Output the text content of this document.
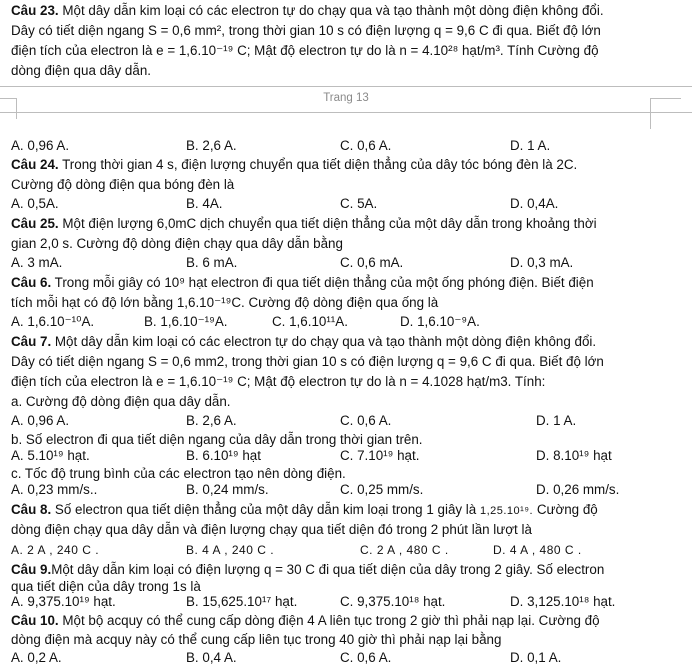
Câu 23. Một dây dẫn kim loại có các electron tự do chạy qua và tạo thành một dòng điện không đổi.
Dây có tiết diện ngang S = 0,6 mm², trong thời gian 10 s có điện lượng q = 9,6 C đi qua. Biết độ lớn
điện tích của electron là e = 1,6.10⁻¹⁹ C; Mật độ electron tự do là n = 4.10²⁸ hạt/m³. Tính Cường độ
dòng điện qua dây dẫn.
Trang 13
A. 0,96 A.	B. 2,6 A.	C. 0,6 A.	D. 1 A.
Câu 24. Trong thời gian 4 s, điện lượng chuyển qua tiết diện thẳng của dây tóc bóng đèn là 2C.
Cường độ dòng điện qua bóng đèn là
A. 0,5A.	B. 4A.	C. 5A.	D. 0,4A.
Câu 25. Một điện lượng 6,0mC dịch chuyển qua tiết diện thẳng của một dây dẫn trong khoảng thời
gian 2,0 s. Cường độ dòng điện chạy qua dây dẫn bằng
A. 3 mA.	B. 6 mA.	C. 0,6 mA.	D. 0,3 mA.
Câu 6. Trong mỗi giây có 10⁹ hạt electron đi qua tiết diện thẳng của một ống phóng điện. Biết điện
tích mỗi hạt có độ lớn bằng 1,6.10⁻¹⁹C. Cường độ dòng điện qua ống là
A. 1,6.10⁻¹⁰A.	B. 1,6.10⁻¹⁹A.	C. 1,6.10¹¹A.	D. 1,6.10⁻⁹A.
Câu 7. Một dây dẫn kim loại có các electron tự do chạy qua và tạo thành một dòng điện không đổi.
Dây có tiết diện ngang S = 0,6 mm2, trong thời gian 10 s có điện lượng q = 9,6 C đi qua. Biết độ lớn
điện tích của electron là e = 1,6.10⁻¹⁹ C; Mật độ electron tự do là n = 4.1028 hạt/m3. Tính:
a. Cường độ dòng điện qua dây dẫn.
A. 0,96 A.	B. 2,6 A.	C. 0,6 A.	D. 1 A.
b. Số electron đi qua tiết diện ngang của dây dẫn trong thời gian trên.
A. 5.10¹⁹ hạt.	B. 6.10¹⁹ hạt	C. 7.10¹⁹ hạt.	D. 8.10¹⁹ hạt
c. Tốc độ trung bình của các electron tạo nên dòng điện.
A. 0,23 mm/s..	B. 0,24 mm/s.	C. 0,25 mm/s.	D. 0,26 mm/s.
Câu 8. Số electron qua tiết diện thẳng của một dây dẫn kim loại trong 1 giây là 1,25.10¹⁹. Cường độ
dòng điện chạy qua dây dẫn và điện lượng chạy qua tiết diện đó trong 2 phút lần lượt là
A. 2 A , 240 C .	B. 4 A , 240 C .	C. 2 A , 480 C .	D. 4 A , 480 C .
Câu 9.Một dây dẫn kim loại có điện lượng q = 30 C đi qua tiết diện của dây trong 2 giây. Số electron
qua tiết diện của dây trong 1s là
A. 9,375.10¹⁹ hạt.	B. 15,625.10¹⁷ hạt.	C. 9,375.10¹⁸ hạt.	D. 3,125.10¹⁸ hạt.
Câu 10. Một bộ acquy có thể cung cấp dòng điện 4 A liên tục trong 2 giờ thì phải nạp lại. Cường độ
dòng điện mà acquy này có thể cung cấp liên tục trong 40 giờ thì phải nạp lại bằng
A. 0,2 A.	B. 0,4 A.	C. 0,6 A.	D. 0,1 A.
